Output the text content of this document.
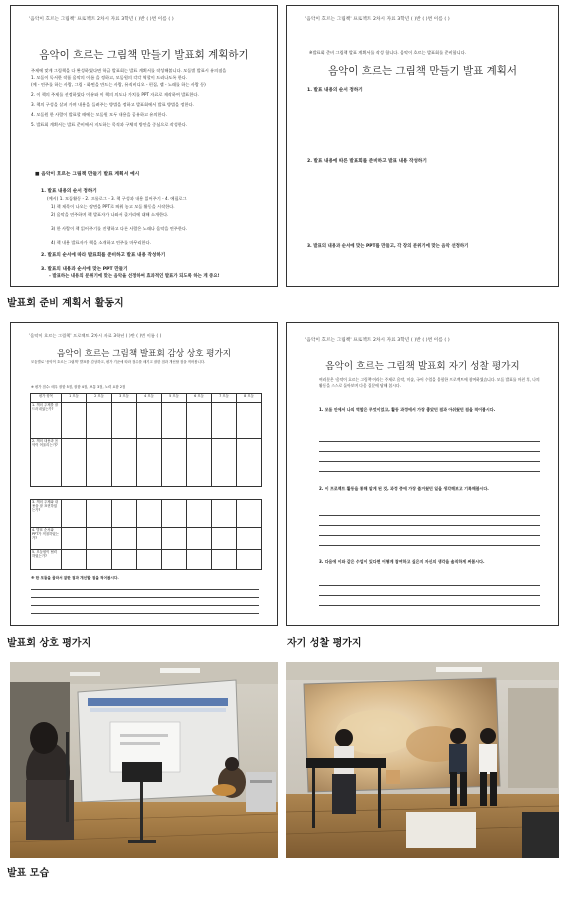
'음악이 흐르는 그림책' 프로젝트 2차시 자료 3학년 ( )반 ( )번 이름 ( )
음악이 흐르는 그림책 만들기 발표회 계획하기
주제에 맞게 그림책을 다 완성하였다면 학급 발표회는 발표 계획서를 작성해봅니다. 모둠별 발표시 유의점을
1. 모둠이 독서한 작품 음악의 이름 을 정하고, 모둠원의 각각 역할이 드러나도록 한다.
(예 - 연주를 하는 사람, 그림 - 화면을 만드는 사람, 뮤직비디오 - 편집, 랩 - 노래를 하는 사람 등)
2. 이 책의 주제를 선정하였다 이유와 이 책의 의도나 가치를 PPT 자료로 제작하여 발표한다.
3. 책의 구성을 살펴 가며 내용을 들려주는 방법을 정하고 발표회에서 발표 방법을 정한다.
4. 모둠원 한 사람이 발표할 때에는 모둠원 모두 내용을 공유하고 유의한다.
5. 발표회 계획서는 발표 준비에서 지도하는 목적과 구체적 방안을 중심으로 작성한다.
■ 음악이 흐르는 그림책 만들기 발표 계획서 예시
1. 발표 내용의 순서 정하기
(예시) 1. 모둠활동 - 2. 프롤로그 - 3. 책 구성과 내용 읽어주기 - 4. 에필로그
1) 책 제목이 나오는 장면을 PPT로 띄워 놓고 모둠 활동을 시작한다.
2) 음악을 연주하며 책 발표자가 나와서 줄거리에 대해 소개한다.
3) 한 사람이 책 읽어주기를 진행하고 다른 사람은 노래나 음악을 연주한다.
4) 책 내용 발표자가 책을 소개하고 연주를 마무리한다.
2. 발표의 순서에 따라 발표회를 준비하고 발표 내용 작성하기
3. 발표의 내용과 순서에 맞는 PPT 만들기
- 발표하는 내용의 분위기에 맞는 음악을 선정하여 효과적인 발표가 되도록 하는 게 중요!
'음악이 흐르는 그림책' 프로젝트 2차시 자료 3학년 ( )반 ( )번 이름 ( )
※발표회 준비 그림책 발표 계획서를 작성 합니다. 음악이 흐르는 발표회를 준비합니다.
음악이 흐르는 그림책 만들기 발표 계획서
1. 발표 내용의 순서 정하기
2. 발표 내용에 따른 발표회를 준비하고 발표 내용 작성하기
3. 발표의 내용과 순서에 맞는 PPT를 만들고, 각 장의 분위기에 맞는 음악 선정하기
발표회 준비 계획서 활동지
'음악이 흐르는 그림책' 프로젝트 2차시 자료 3학년 ( )반 ( )번 이름 ( )
음악이 흐르는 그림책 발표회 감상 상호 평가지
모둠별로 '음악이 흐르는 그림책' 발표를 감상하고, 평가 기준에 따라 점수를 매기고 잘한 점과 개선할 점을 적어봅니다.
※ 평가 점수: 매우 잘함 5점, 잘함 4점, 보통 3점, 노력 요함 2점
평가 항목	1 모둠	2 모둠	3 모둠	4 모둠	5 모둠	6 모둠	7 모둠	8 모둠
1. 책의 주제를 잘 드러내었는가?								
2. 책의 내용과 음악이 어울리는가?								
3. 책의 주제와 내용을 잘 표현하였는가?								
4. 발표 순서와 PPT가 적절하였는가?								
5. 모둠원이 협력하였는가?								
※ 한 모둠을 골라서 잘한 점과 개선할 점을 적어봅시다.
'음악이 흐르는 그림책' 프로젝트 2차시 자료 3학년 ( )반 ( )번 이름 ( )
음악이 흐르는 그림책 발표회 자기 성찰 평가지
여러분은 '음악이 흐르는 그림책'이라는 주제로 음악, 미술, 국어 수업을 융합한 프로젝트에 참여하였습니다. 모둠 발표를 마친 후, 나의 활동을 스스로 돌아보며 다음 질문에 답해 봅시다.
1. 모둠 안에서 나의 역할은 무엇이었고, 활동 과정에서 가장 좋았던 점과 아쉬웠던 점을 적어봅시다.
2. 이 프로젝트 활동을 통해 알게 된 것, 과정 중에 가장 즐거웠던 일을 생각해보고 기록해봅시다.
3. 다음에 이와 같은 수업이 있다면 어떻게 참여하고 싶은지 자신의 생각을 솔직하게 써봅시다.
발표회 상호 평가지	자기 성찰 평가지
발표 모습
